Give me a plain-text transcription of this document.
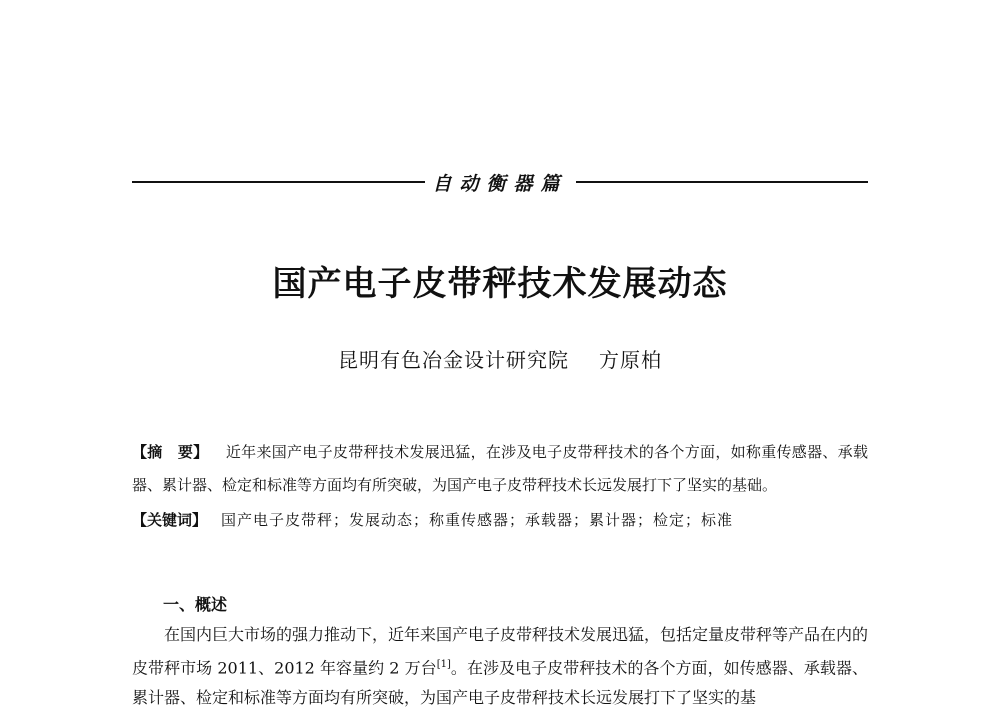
自动衡器篇
国产电子皮带秤技术发展动态
昆明有色冶金设计研究院 方原柏

【摘　要】 近年来国产电子皮带秤技术发展迅猛，在涉及电子皮带秤技术的各个方面，如称重传感器、承载器、累计器、检定和标准等方面均有所突破，为国产电子皮带秤技术长远发展打下了坚实的基础。

【关键词】 国产电子皮带秤；发展动态；称重传感器；承载器；累计器；检定；标准

一、概述

在国内巨大市场的强力推动下，近年来国产电子皮带秤技术发展迅猛，包括定量皮带秤等产品在内的皮带秤市场 2011、2012 年容量约 2 万台[1]。在涉及电子皮带秤技术的各个方面，如传感器、承载器、累计器、检定和标准等方面均有所突破，为国产电子皮带秤技术长远发展打下了坚实的基
